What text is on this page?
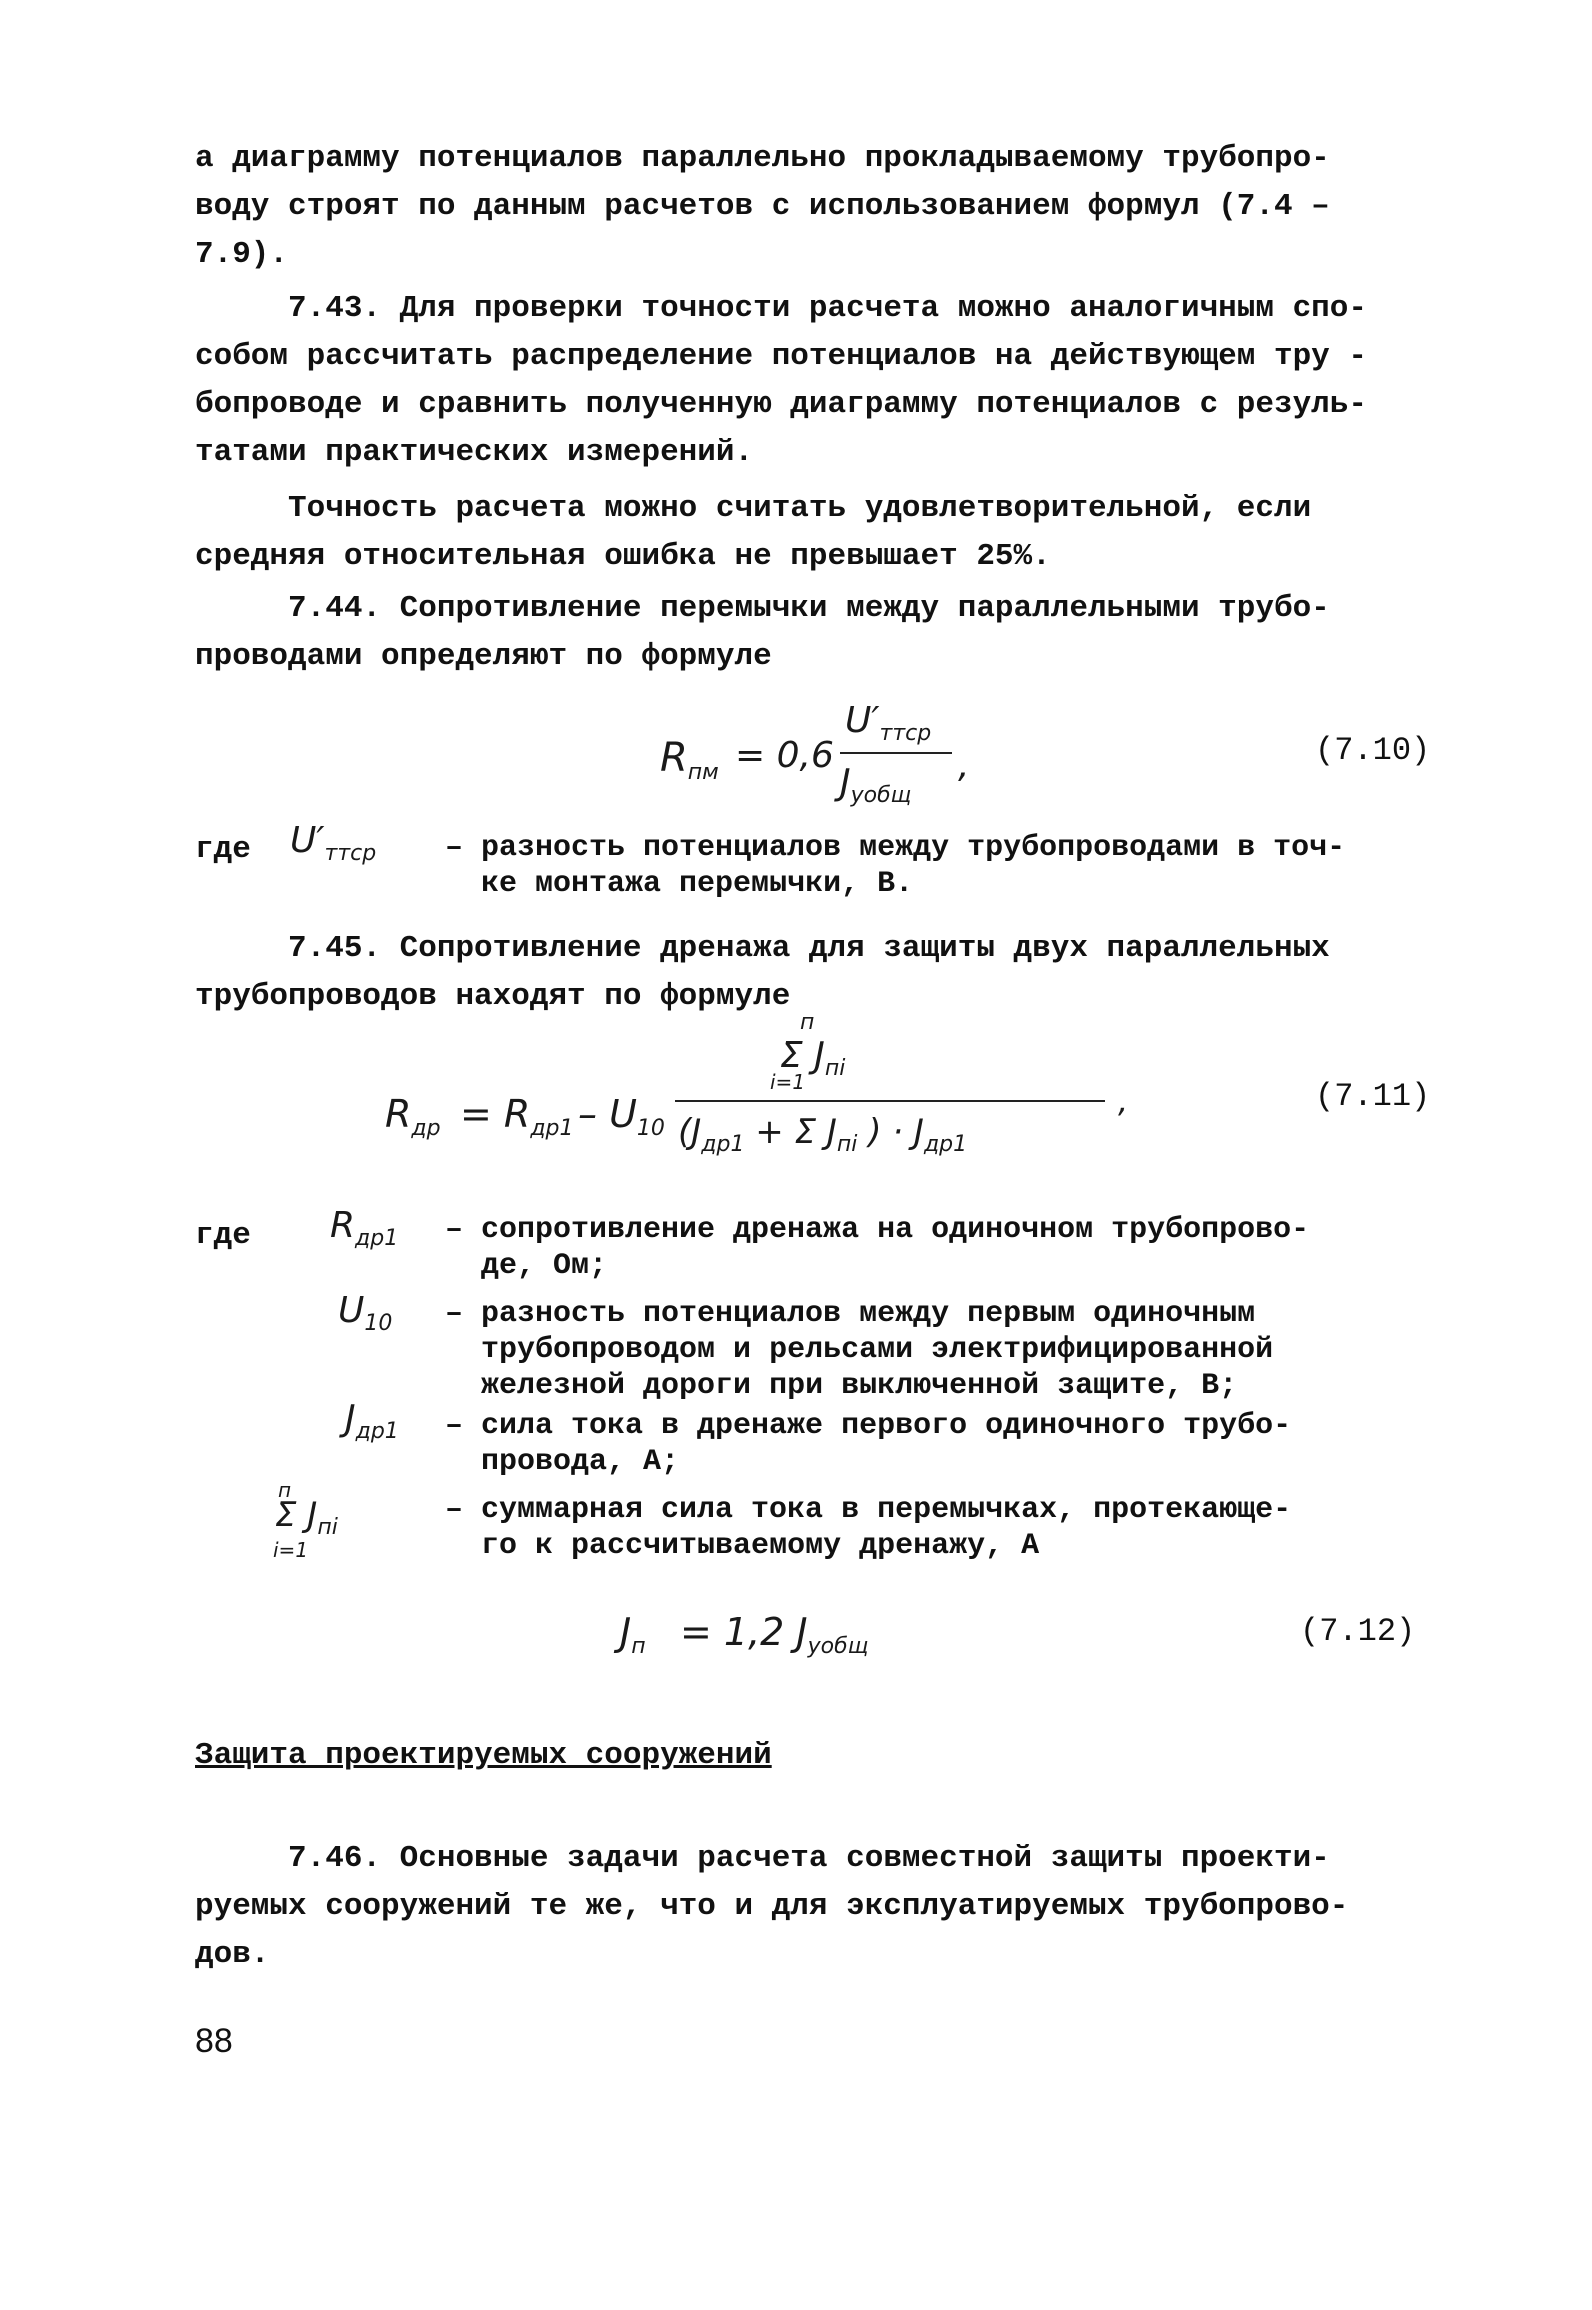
а диаграмму потенциалов параллельно прокладываемому трубопро-
воду строят по данным расчетов с использованием формул (7.4 –
7.9).
7.43. Для проверки точности расчета можно аналогичным спо-
собом рассчитать распределение потенциалов на действующем тру -
бопроводе и сравнить полученную диаграмму потенциалов с резуль-
татами практических измерений.
Точность расчета можно считать удовлетворительной, если
средняя относительная ошибка не превышает 25%.
7.44. Сопротивление перемычки между параллельными трубо-
проводами определяют по формуле
$R_{пм} = 0,6$
$U'_{ттср}$
$J_{уобщ}$
,	(7.10)
где $U'_{ттср}$ – разность потенциалов между трубопроводами в точ-
ке монтажа перемычки, В.
7.45. Сопротивление дренажа для защиты двух параллельных
трубопроводов находят по формуле
$R_{др} = R_{др1} - U_{10}$
п
Σ $J_{пi}$
i=1
($J_{др1} + \Sigma$ $J_{пi}$ ) · $J_{др1}$
,	(7.11)
где $R_{др1}$ – сопротивление дренажа на одиночном трубопрово-
де, Ом;
$U_{10}$ – разность потенциалов между первым одиночным
трубопроводом и рельсами электрифицированной
железной дороги при выключенной защите, В;
$J_{др1}$ – сила тока в дренаже первого одиночного трубо-
провода, А;
п
Σ $J_{пi}$
i=1
– суммарная сила тока в перемычках, протекающе-
го к рассчитываемому дренажу, А
$J_п = 1,2$ $J_{уобщ}$	(7.12)
Защита проектируемых сооружений
7.46. Основные задачи расчета совместной защиты проекти-
руемых сооружений те же, что и для эксплуатируемых трубопрово-
дов.
88
